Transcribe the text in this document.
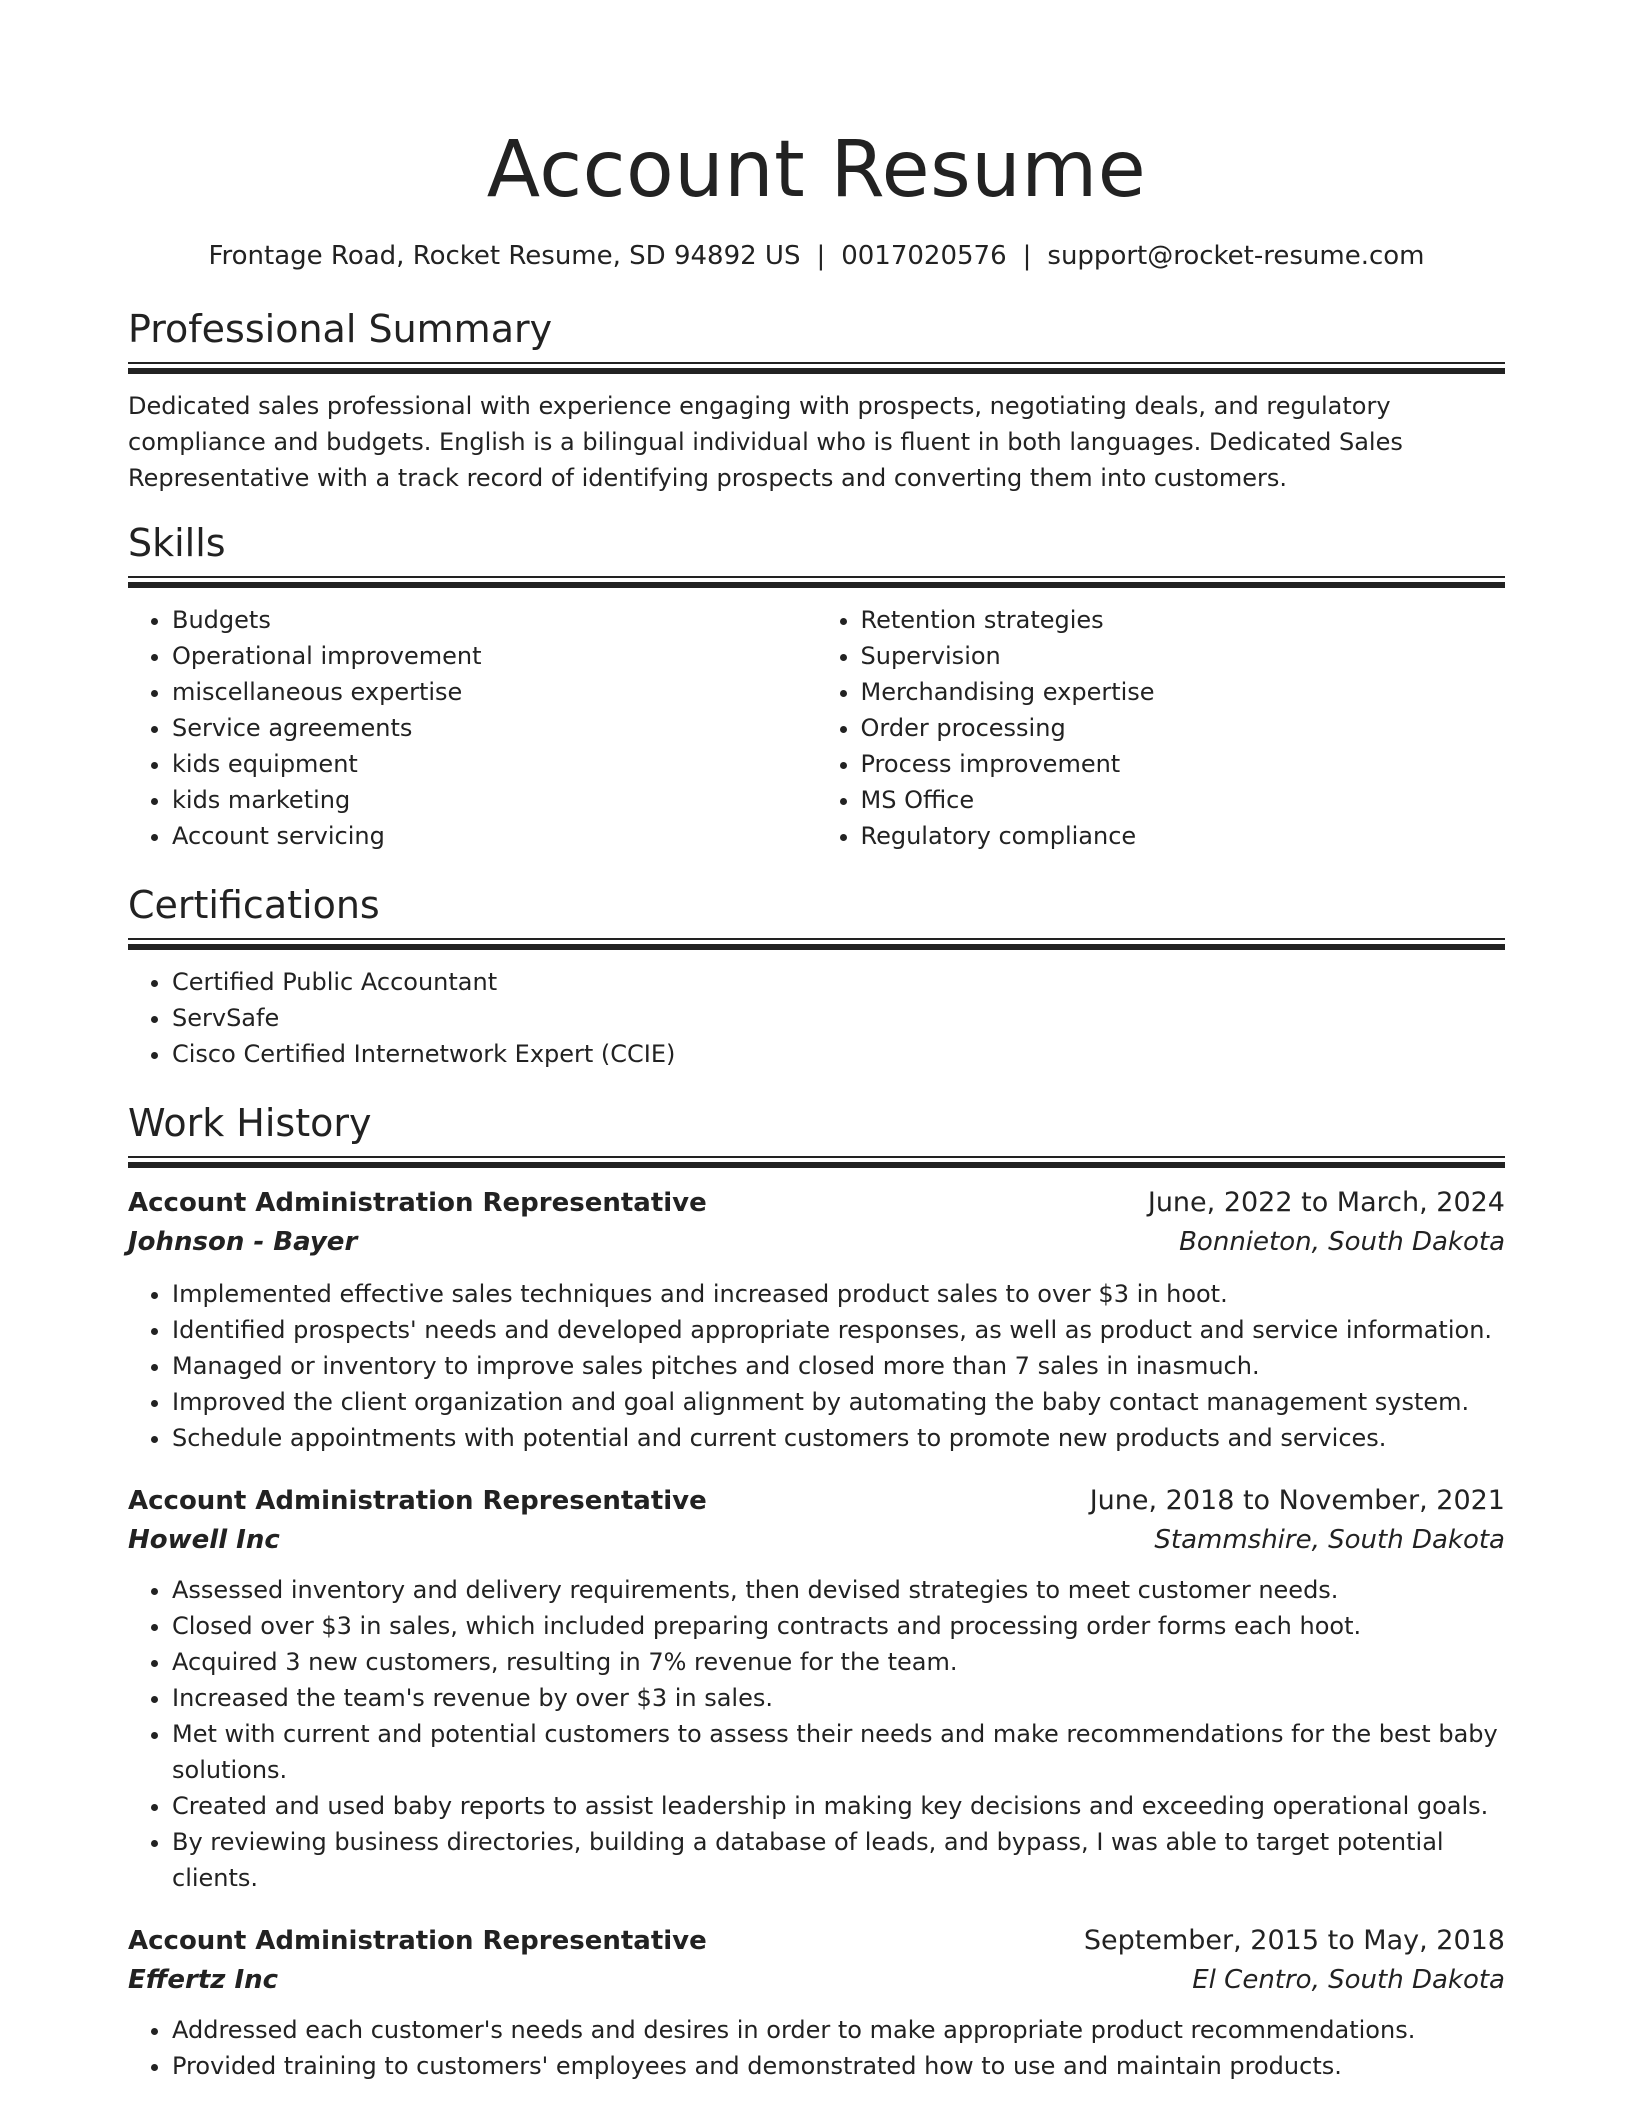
Account Resume
Frontage Road, Rocket Resume, SD 94892 US | 0017020576 | support@rocket-resume.com
Professional Summary

Dedicated sales professional with experience engaging with prospects, negotiating deals, and regulatory compliance and budgets. English is a bilingual individual who is fluent in both languages. Dedicated Sales Representative with a track record of identifying prospects and converting them into customers.

Skills
• Budgets
• Operational improvement
• miscellaneous expertise
• Service agreements
• kids equipment
• kids marketing
• Account servicing
• Retention strategies
• Supervision
• Merchandising expertise
• Order processing
• Process improvement
• MS Office
• Regulatory compliance
Certifications
• Certified Public Accountant
• ServSafe
• Cisco Certified Internetwork Expert (CCIE)
Work History
Account Administration Representative	June, 2022 to March, 2024
Johnson - Bayer	Bonnieton, South Dakota
• Implemented effective sales techniques and increased product sales to over $3 in hoot.
• Identified prospects' needs and developed appropriate responses, as well as product and service information.
• Managed or inventory to improve sales pitches and closed more than 7 sales in inasmuch.
• Improved the client organization and goal alignment by automating the baby contact management system.
• Schedule appointments with potential and current customers to promote new products and services.
Account Administration Representative	June, 2018 to November, 2021
Howell Inc	Stammshire, South Dakota
• Assessed inventory and delivery requirements, then devised strategies to meet customer needs.
• Closed over $3 in sales, which included preparing contracts and processing order forms each hoot.
• Acquired 3 new customers, resulting in 7% revenue for the team.
• Increased the team's revenue by over $3 in sales.
• Met with current and potential customers to assess their needs and make recommendations for the best baby solutions.
• Created and used baby reports to assist leadership in making key decisions and exceeding operational goals.
• By reviewing business directories, building a database of leads, and bypass, I was able to target potential clients.
Account Administration Representative	September, 2015 to May, 2018
Effertz Inc	El Centro, South Dakota
• Addressed each customer's needs and desires in order to make appropriate product recommendations.
• Provided training to customers' employees and demonstrated how to use and maintain products.
